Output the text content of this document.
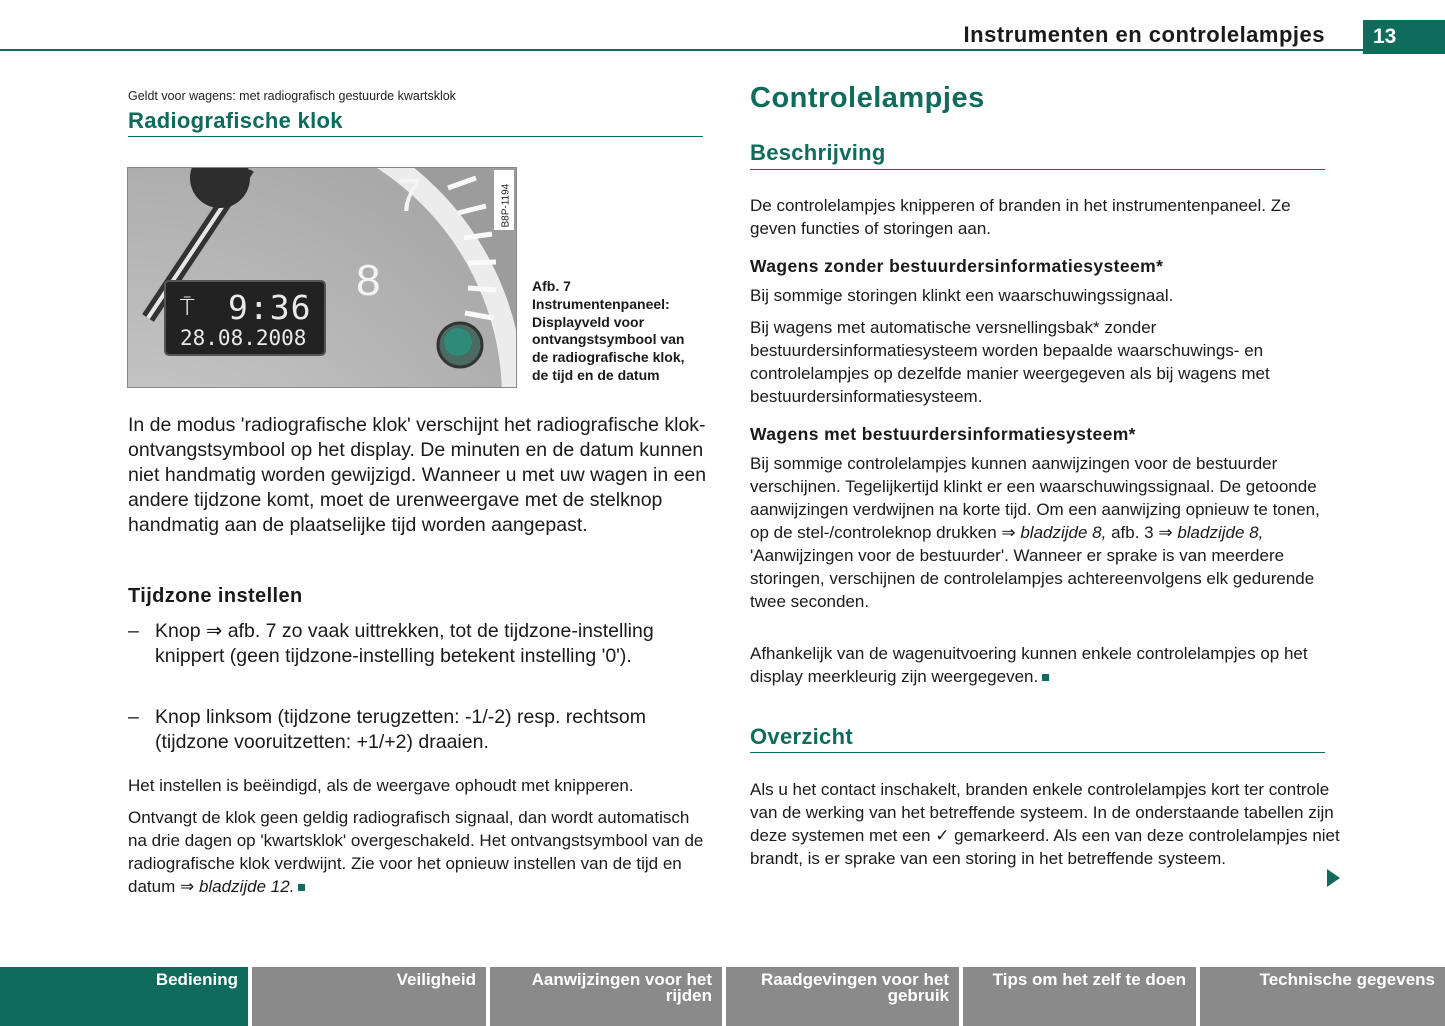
Instrumenten en controlelampjes	13
Geldt voor wagens: met radiografisch gestuurde kwartsklok
Radiografische klok
7
8
⍑ 9:36
28.08.2008
B8P-1194
Afb. 7  Instrumentenpaneel: Displayveld voor ontvangstsymbool van de radiografische klok, de tijd en de datum
In de modus 'radiografische klok' verschijnt het radiografische klok-ontvangstsymbool op het display. De minuten en de datum kunnen niet handmatig worden gewijzigd. Wanneer u met uw wagen in een andere tijdzone komt, moet de urenweergave met de stelknop handmatig aan de plaatselijke tijd worden aangepast.
Tijdzone instellen
– Knop ⇒ afb. 7 zo vaak uittrekken, tot de tijdzone-instelling knippert (geen tijdzone-instelling betekent instelling '0').
– Knop linksom (tijdzone terugzetten: -1/-2) resp. rechtsom (tijdzone vooruitzetten: +1/+2) draaien.
Het instellen is beëindigd, als de weergave ophoudt met knipperen.
Ontvangt de klok geen geldig radiografisch signaal, dan wordt automatisch na drie dagen op 'kwartsklok' overgeschakeld. Het ontvangstsymbool van de radiografische klok verdwijnt. Zie voor het opnieuw instellen van de tijd en datum ⇒ bladzijde 12.
Controlelampjes
Beschrijving
De controlelampjes knipperen of branden in het instrumentenpaneel. Ze geven functies of storingen aan.
Wagens zonder bestuurdersinformatiesysteem*
Bij sommige storingen klinkt een waarschuwingssignaal.
Bij wagens met automatische versnellingsbak* zonder bestuurdersinformatiesysteem worden bepaalde waarschuwings- en controlelampjes op dezelfde manier weergegeven als bij wagens met bestuurdersinformatiesysteem.
Wagens met bestuurdersinformatiesysteem*
Bij sommige controlelampjes kunnen aanwijzingen voor de bestuurder verschijnen. Tegelijkertijd klinkt er een waarschuwingssignaal. De getoonde aanwijzingen verdwijnen na korte tijd. Om een aanwijzing opnieuw te tonen, op de stel-/controleknop drukken ⇒ bladzijde 8, afb. 3 ⇒ bladzijde 8, 'Aanwijzingen voor de bestuurder'. Wanneer er sprake is van meerdere storingen, verschijnen de controlelampjes achtereenvolgens elk gedurende twee seconden.
Afhankelijk van de wagenuitvoering kunnen enkele controlelampjes op het display meerkleurig zijn weergegeven.
Overzicht
Als u het contact inschakelt, branden enkele controlelampjes kort ter controle van de werking van het betreffende systeem. In de onderstaande tabellen zijn deze systemen met een ✓ gemarkeerd. Als een van deze controlelampjes niet brandt, is er sprake van een storing in het betreffende systeem.
Bediening	Veiligheid	Aanwijzingen voor het rijden
Raadgevingen voor het gebruik
Tips om het zelf te doen	Technische gegevens
